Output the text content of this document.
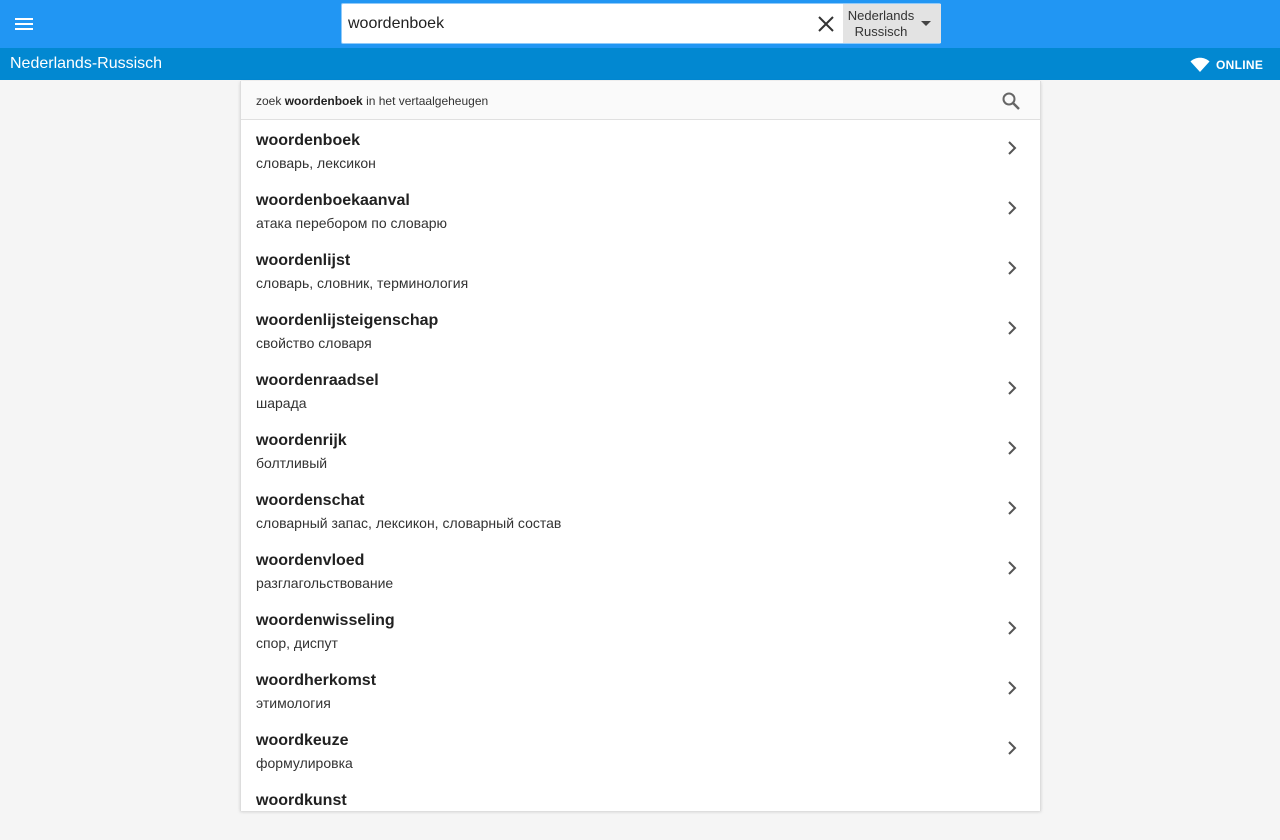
woordenboek
Nederlands
Russisch
Nederlands-Russisch	ONLINE
zoek woordenboek in het vertaalgeheugen
woordenboek
словарь, лексикон
woordenboekaanval
атака перебором по словарю
woordenlijst
словарь, словник, терминология
woordenlijsteigenschap
свойство словаря
woordenraadsel
шарада
woordenrijk
болтливый
woordenschat
словарный запас, лексикон, словарный состав
woordenvloed
разглагольствование
woordenwisseling
спор, диспут
woordherkomst
этимология
woordkeuze
формулировка
woordkunst
